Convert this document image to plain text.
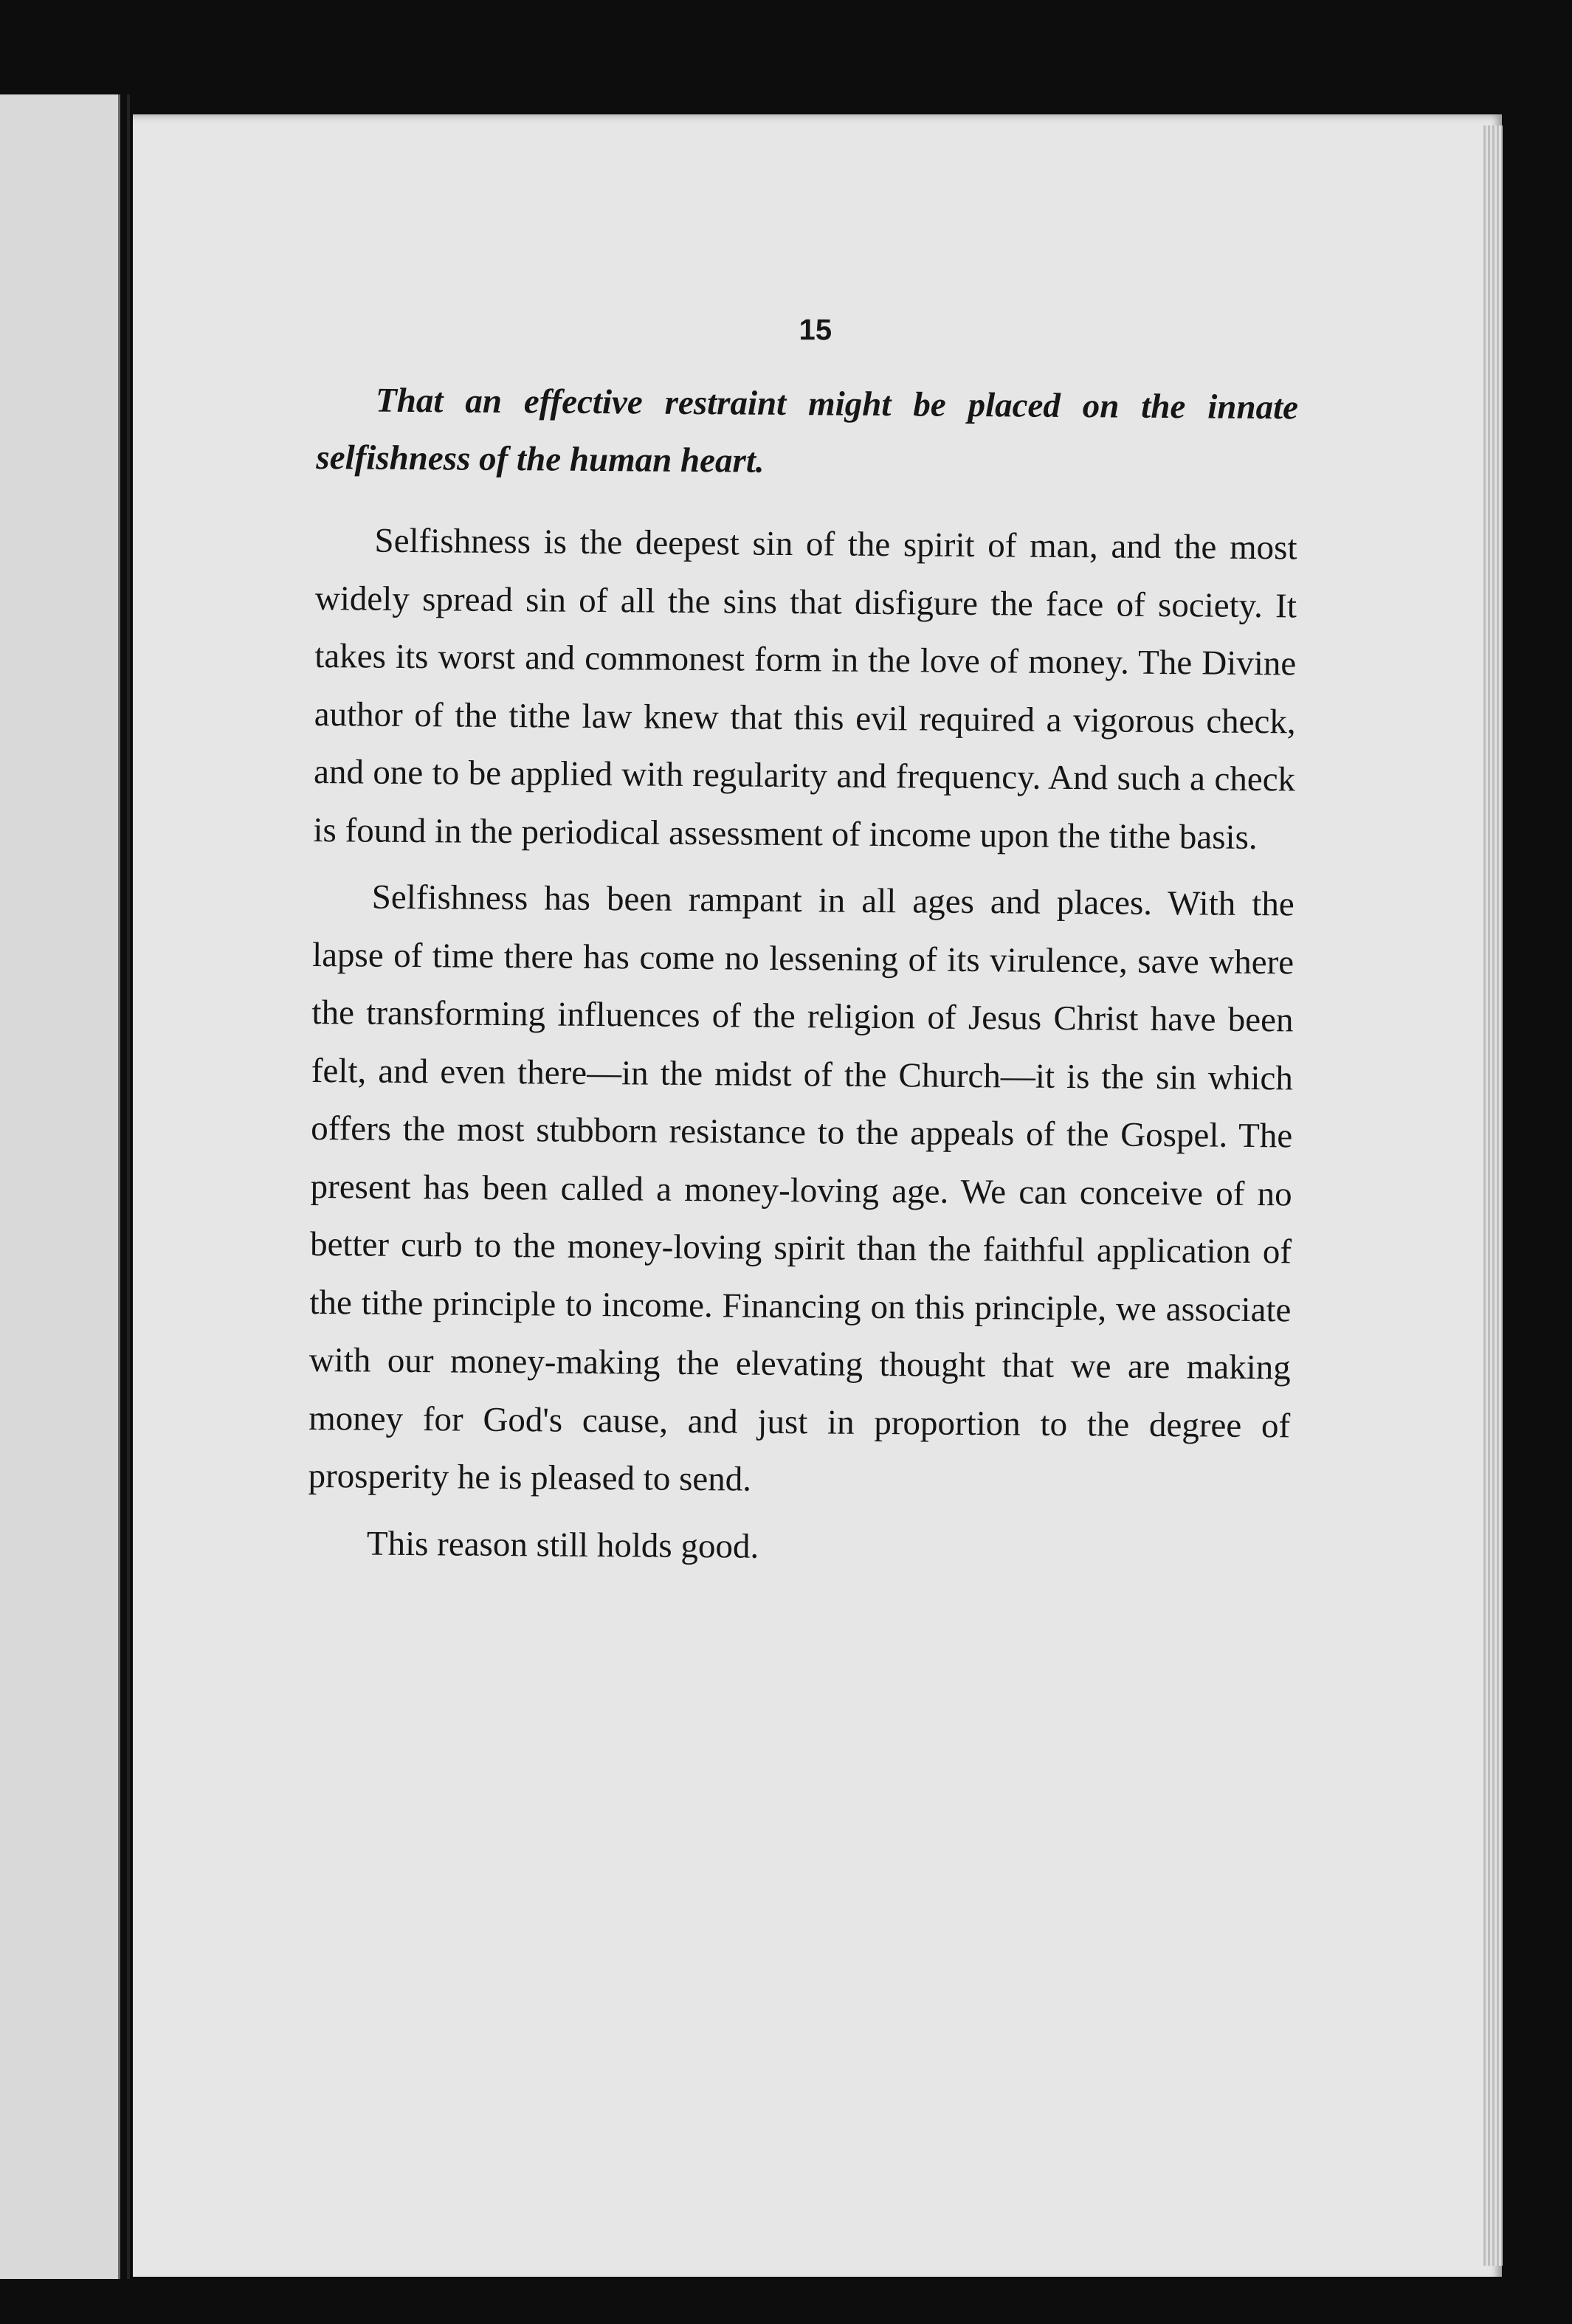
15

That an effective restraint might be placed on the innate selfishness of the human heart.

Selfishness is the deepest sin of the spirit of man, and the most widely spread sin of all the sins that disfigure the face of society. It takes its worst and commonest form in the love of money. The Divine author of the tithe law knew that this evil required a vigorous check, and one to be applied with regularity and frequency. And such a check is found in the periodical assessment of income upon the tithe basis.

Selfishness has been rampant in all ages and places. With the lapse of time there has come no lessening of its virulence, save where the transforming influences of the religion of Jesus Christ have been felt, and even there—in the midst of the Church—it is the sin which offers the most stubborn resistance to the appeals of the Gospel. The present has been called a money-loving age. We can conceive of no better curb to the money-loving spirit than the faithful application of the tithe principle to income. Financing on this principle, we associate with our money-making the elevating thought that we are making money for God's cause, and just in proportion to the degree of prosperity he is pleased to send.

This reason still holds good.
